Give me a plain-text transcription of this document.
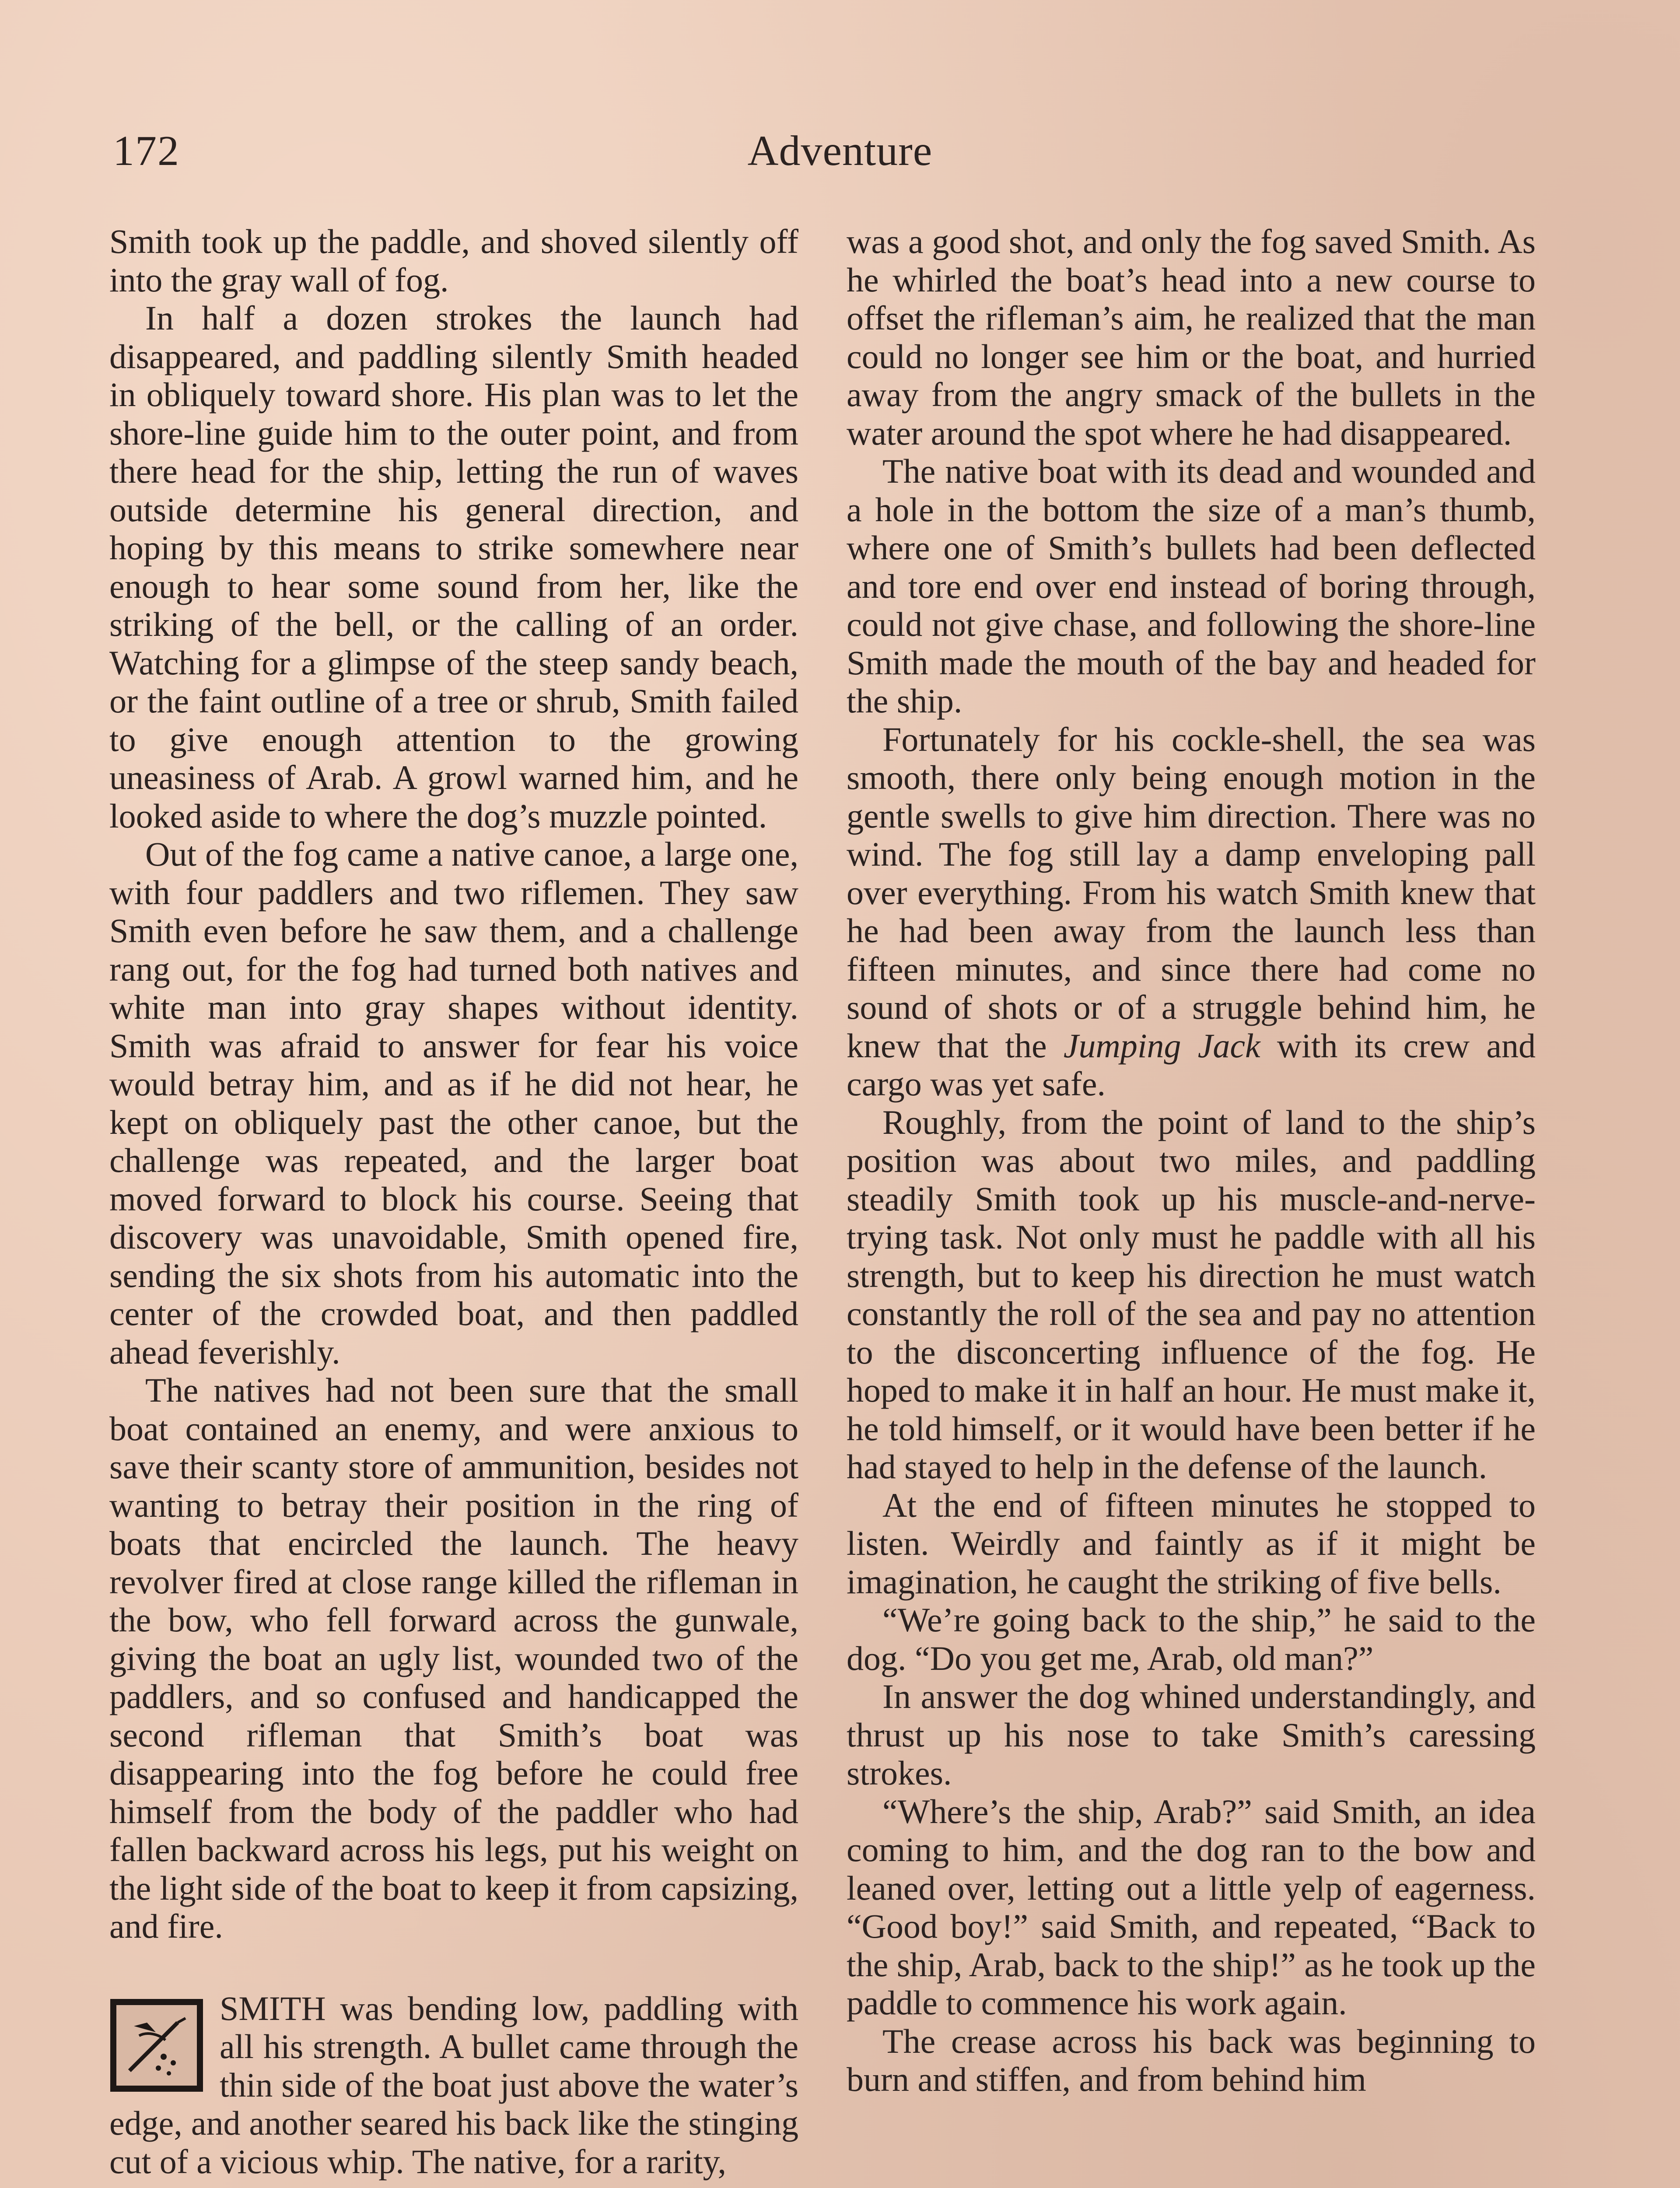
172	Adventure

Smith took up the paddle, and shoved silently off into the gray wall of fog.

In half a dozen strokes the launch had disappeared, and paddling silently Smith headed in obliquely toward shore. His plan was to let the shore-line guide him to the outer point, and from there head for the ship, letting the run of waves outside determine his general direction, and hoping by this means to strike somewhere near enough to hear some sound from her, like the striking of the bell, or the calling of an order. Watching for a glimpse of the steep sandy beach, or the faint outline of a tree or shrub, Smith failed to give enough attention to the growing uneasiness of Arab. A growl warned him, and he looked aside to where the dog’s muzzle pointed.

Out of the fog came a native canoe, a large one, with four paddlers and two riflemen. They saw Smith even before he saw them, and a challenge rang out, for the fog had turned both natives and white man into gray shapes without identity. Smith was afraid to answer for fear his voice would betray him, and as if he did not hear, he kept on obliquely past the other canoe, but the challenge was repeated, and the larger boat moved forward to block his course. Seeing that discovery was unavoidable, Smith opened fire, sending the six shots from his automatic into the center of the crowded boat, and then paddled ahead feverishly.

The natives had not been sure that the small boat contained an enemy, and were anxious to save their scanty store of ammunition, besides not wanting to betray their position in the ring of boats that encircled the launch. The heavy revolver fired at close range killed the rifleman in the bow, who fell forward across the gunwale, giving the boat an ugly list, wounded two of the paddlers, and so confused and handicapped the second rifleman that Smith’s boat was disappearing into the fog before he could free himself from the body of the paddler who had fallen backward across his legs, put his weight on the light side of the boat to keep it from capsizing, and fire.

SMITH was bending low, paddling with all his strength. A bullet came through the thin side of the boat just above the water’s edge, and another seared his back like the stinging cut of a vicious whip. The native, for a rarity,

was a good shot, and only the fog saved Smith. As he whirled the boat’s head into a new course to offset the rifleman’s aim, he realized that the man could no longer see him or the boat, and hurried away from the angry smack of the bullets in the water around the spot where he had disappeared.

The native boat with its dead and wounded and a hole in the bottom the size of a man’s thumb, where one of Smith’s bullets had been deflected and tore end over end instead of boring through, could not give chase, and following the shore-line Smith made the mouth of the bay and headed for the ship.

Fortunately for his cockle-shell, the sea was smooth, there only being enough motion in the gentle swells to give him direction. There was no wind. The fog still lay a damp enveloping pall over everything. From his watch Smith knew that he had been away from the launch less than fifteen minutes, and since there had come no sound of shots or of a struggle behind him, he knew that the Jumping Jack with its crew and cargo was yet safe.

Roughly, from the point of land to the ship’s position was about two miles, and paddling steadily Smith took up his muscle-and-nerve-trying task. Not only must he paddle with all his strength, but to keep his direction he must watch constantly the roll of the sea and pay no attention to the disconcerting influence of the fog. He hoped to make it in half an hour. He must make it, he told himself, or it would have been better if he had stayed to help in the defense of the launch.

At the end of fifteen minutes he stopped to listen. Weirdly and faintly as if it might be imagination, he caught the striking of five bells.

“We’re going back to the ship,” he said to the dog. “Do you get me, Arab, old man?”

In answer the dog whined understandingly, and thrust up his nose to take Smith’s caressing strokes.

“Where’s the ship, Arab?” said Smith, an idea coming to him, and the dog ran to the bow and leaned over, letting out a little yelp of eagerness. “Good boy!” said Smith, and repeated, “Back to the ship, Arab, back to the ship!” as he took up the paddle to commence his work again.

The crease across his back was beginning to burn and stiffen, and from behind him
